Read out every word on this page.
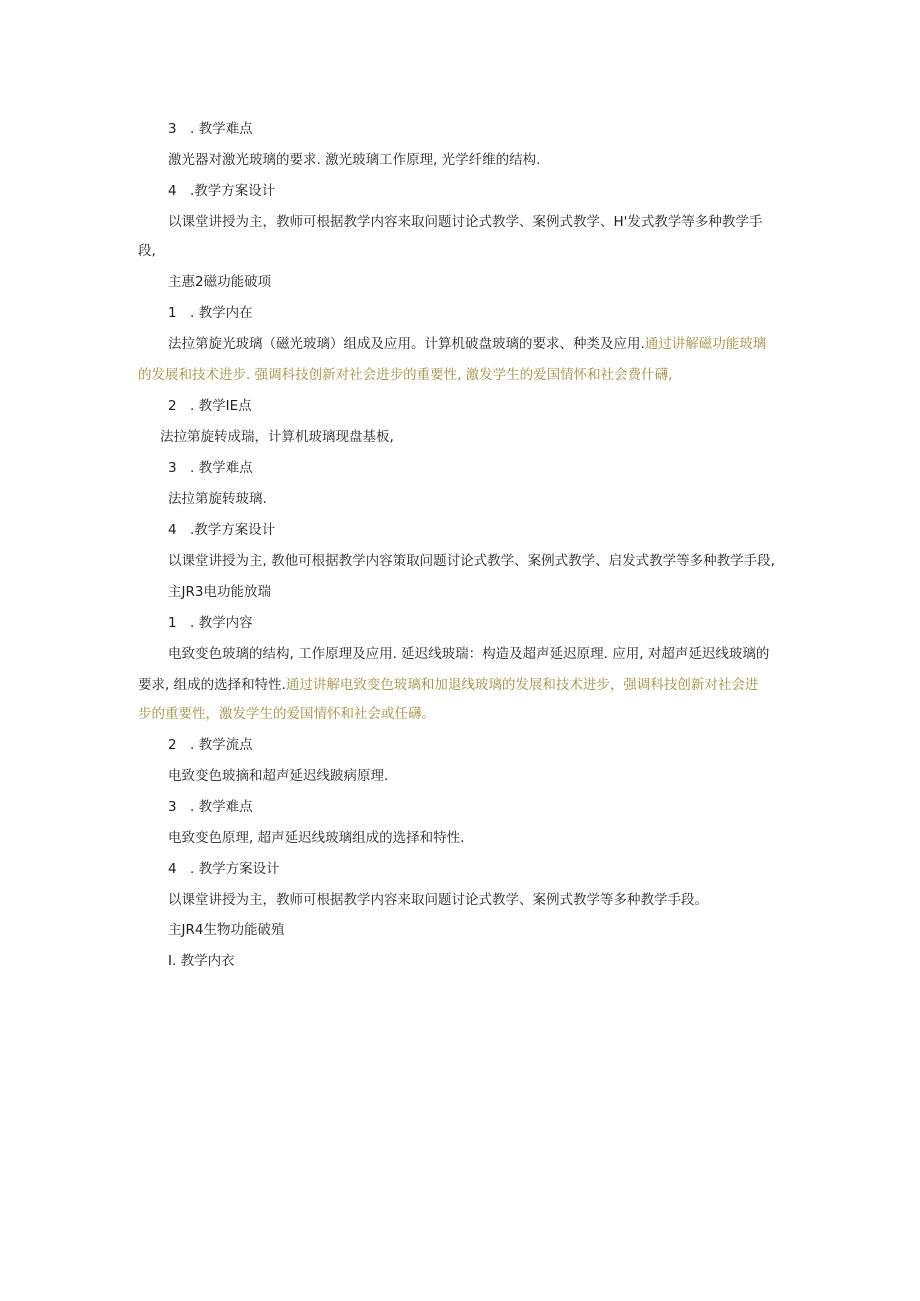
3 . 教学难点

激光器对激光玻璃的要求. 激光玻璃工作原理, 光学纤维的结构.

4 .教学方案设计

以课堂讲授为主，教师可根据教学内容来取问题讨论式教学、案例式教学、H'发式教学等多种教学手

段,

主惠2磁功能破项

1 . 教学内在

法拉第旋光玻璃（磁光玻璃）组成及应用。计算机破盘玻璃的要求、种类及应用.通过讲解磁功能玻璃

的发展和技术进步. 强调科技创新对社会进步的重要性, 激发学生的爱国情怀和社会费什礴,

2 . 教学IE点

法拉第旋转成瑞，计算机玻璃现盘基板,

3 . 教学难点

法拉第旋转玻璃.

4 .教学方案设计

以课堂讲授为主, 教他可根据教学内容策取问题讨论式教学、案例式教学、启发式教学等多种教学手段,

主JR3电功能放瑞

1 . 教学内容

电致变色玻璃的结构, 工作原理及应用. 延迟线玻瑞：构造及超声延迟原理. 应用, 对超声延迟线玻璃的

要求, 组成的选择和特性.通过讲解电致变色玻璃和加退线玻璃的发展和技术进步，强调科技创新对社会进

步的重要性，激发学生的爱国情怀和社会或任礴。

2 . 教学流点

电致变色玻摘和超声延迟线跛病原理.

3 . 教学难点

电致变色原理, 超声延迟线玻璃组成的选择和特性.

4 . 教学方案设计

以课堂讲授为主，教师可根据教学内容来取问题讨论式教学、案例式教学等多种教学手段。

主JR4生物功能破殖

I. 教学内衣
